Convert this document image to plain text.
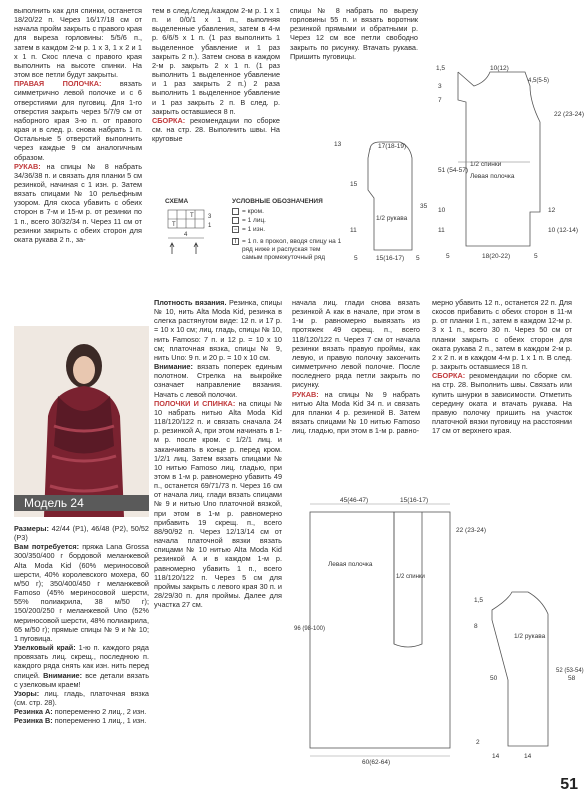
выполнить как для спинки, останется 18/20/22 п. Через 16/17/18 см от начала пройм закрыть с правого края для выреза горловины: 5/5/6 п., затем в каждом 2-м р. 1 х 3, 1 х 2 и 1 х 1 п. Скос плеча с правого края выполнить на высоте спинки. На этом все петли будут закрыты.

ПРАВАЯ ПОЛОЧКА: вязать симметрично левой полочке и с 6 отверстиями для пуговиц. Для 1-го отверстия закрыть через 5/7/9 см от наборного края 3-ю п. от правого края и в след. р. снова набрать 1 п. Остальные 5 отверстий выполнить через каждые 9 см аналогичным образом.

РУКАВ: на спицы № 8 набрать 34/36/38 п. и связать для планки 5 см резинкой, начиная с 1 изн. р. Затем вязать спицами № 10 рельефным узором. Для скоса убавить с обеих сторон в 7-м и 15-м р. от резинки по 1 п., всего 30/32/34 п. Через 11 см от резинки закрыть с обеих сторон для оката рукава 2 п., за-

тем в след./след./каждом 2-м р. 1 х 1 п. и 0/0/1 х 1 п., выполняя выделенные убавления, затем в 4-м р. 6/6/5 х 1 п. (1 раз выполнить 1 выделенное убавление и 1 раз закрыть 2 п.). Затем снова в каждом 2-м р. закрыть 2 х 1 п. (1 раз выполнить 1 выделенное убавление и 1 раз закрыть 2 п.) 2 раза выполнить 1 выделенное убавление и 1 раз закрыть 2 п. В след. р. закрыть оставшиеся 8 п.

СБОРКА: рекомендации по сборке см. на стр. 28. Выполнить швы. На круговые

спицы № 8 набрать по вырезу горловины 55 п. и вязать воротник резинкой прямыми и обратными р. Через 12 см все петли свободно закрыть по рисунку. Втачать рукава. Пришить пуговицы.

СХЕМА
T
T 3
1
4
УСЛОВНЫЕ ОБОЗНАЧЕНИЯ
= кром.
= 1 лиц.
− = 1 изн.
T = 1 п. в прокол, вводя спицу на 1 ряд ниже и распуская тем самым промежуточный ряд
13	17(18-19)
35
15
11
1/2 рукава
5	15(16-17) 5
1,5	10(12)
3
4,5(5-5)
7
22 (23-24)
51 (54-57)
1/2 спинки
Левая полочка
10	12
11	10 (12-14)
5	18(20-22)	5
Модель 24

Размеры: 42/44 (Р1), 46/48 (Р2), 50/52 (Р3)

Вам потребуется: пряжа Lana Grossa 300/350/400 г бордовой меланжевой Alta Moda Kid (60% мериносовой шерсти, 40% королевского мохера, 60 м/50 г); 350/400/450 г меланжевой Famoso (45% мериносовой шерсти, 55% полиакрила, 38 м/50 г); 150/200/250 г меланжевой Uno (52% мериносовой шерсти, 48% полиакрила, 65 м/50 г); прямые спицы № 9 и № 10; 1 пуговица.

Узелковый край: 1-ю п. каждого ряда провязать лиц. скрещ., последнюю п. каждого ряда снять как изн. нить перед спицей. Внимание: все детали вязать с узелковым краем!

Узоры: лиц. гладь, платочная вязка (см. стр. 28).

Резинка А: попеременно 2 лиц., 2 изн.

Резинка В: попеременно 1 лиц., 1 изн.

Плотность вязания. Резинка, спицы № 10, нить Alta Moda Kid, резинка в слегка растянутом виде: 12 п. и 17 р. = 10 х 10 см; лиц. гладь, спицы № 10, нить Famoso: 7 п. и 12 р. = 10 х 10 см; платочная вязка, спицы № 9, нить Uno: 9 п. и 20 р. = 10 х 10 см.

Внимание: вязать поперек единым полотном. Стрелка на выкройке означает направление вязания. Начать с левой полочки.

ПОЛОЧКИ И СПИНКА: на спицы № 10 набрать нитью Alta Moda Kid 118/120/122 п. и связать сначала 24 р. резинкой А, при этом начинать в 1-м р. после кром. с 1/2/1 лиц. и заканчивать в конце р. перед кром. 1/2/1 лиц. Затем вязать спицами № 10 нитью Famoso лиц. гладью, при этом в 1-м р. равномерно убавить 49 п., останется 69/71/73 п. Через 16 см от начала лиц. глади вязать спицами № 9 и нитью Uno платочной вязкой, при этом в 1-м р. равномерно прибавить 19 скрещ. п., всего 88/90/92 п. Через 12/13/14 см от начала платочной вязки вязать спицами № 10 нитью Alta Moda Kid резинкой А и в каждом 1-м р. равномерно убавить 1 п., всего 118/120/122 п. Через 5 см для проймы закрыть с левого края 30 п. и 28/29/30 п. для проймы. Далее для участка 27 см.

начала лиц. глади снова вязать резинкой А как в начале, при этом в 1-м р. равномерно вывязать из протяжек 49 скрещ. п., всего 118/120/122 п. Через 7 см от начала резинки вязать правую проймы, как левую, и правую полочку закончить симметрично левой полочке. После последнего ряда петли закрыть по рисунку.

РУКАВ: на спицы № 9 набрать нитью Alta Moda Kid 34 п. и связать для планки 4 р. резинкой В. Затем вязать спицами № 10 нитью Famoso лиц. гладью, при этом в 1-м р. равно-

мерно убавить 12 п., останется 22 п. Для скосов прибавить с обеих сторон в 11-м р. от планки 1 п., затем в каждом 12-м р. 3 х 1 п., всего 30 п. Через 50 см от планки закрыть с обеих сторон для оката рукава 2 п., затем в каждом 2-м р. 2 х 2 п. и в каждом 4-м р. 1 х 1 п. В след. р. закрыть оставшиеся 18 п.

СБОРКА: рекомендации по сборке см. на стр. 28. Выполнить швы. Связать или купить шнурки в зависимости. Отметить середину оката и втачать рукава. На правую полочку пришить на участок платочной вязки пуговицу на расстоянии 17 см от верхнего края.

45(46-47)	15(16-17)
22 (23-24)
Левая полочка
1/2 спинки
96 (98-100)
60(62-64)
1,5
8
1/2 рукава
50
52 (53-54)
58
2
14	14
51
